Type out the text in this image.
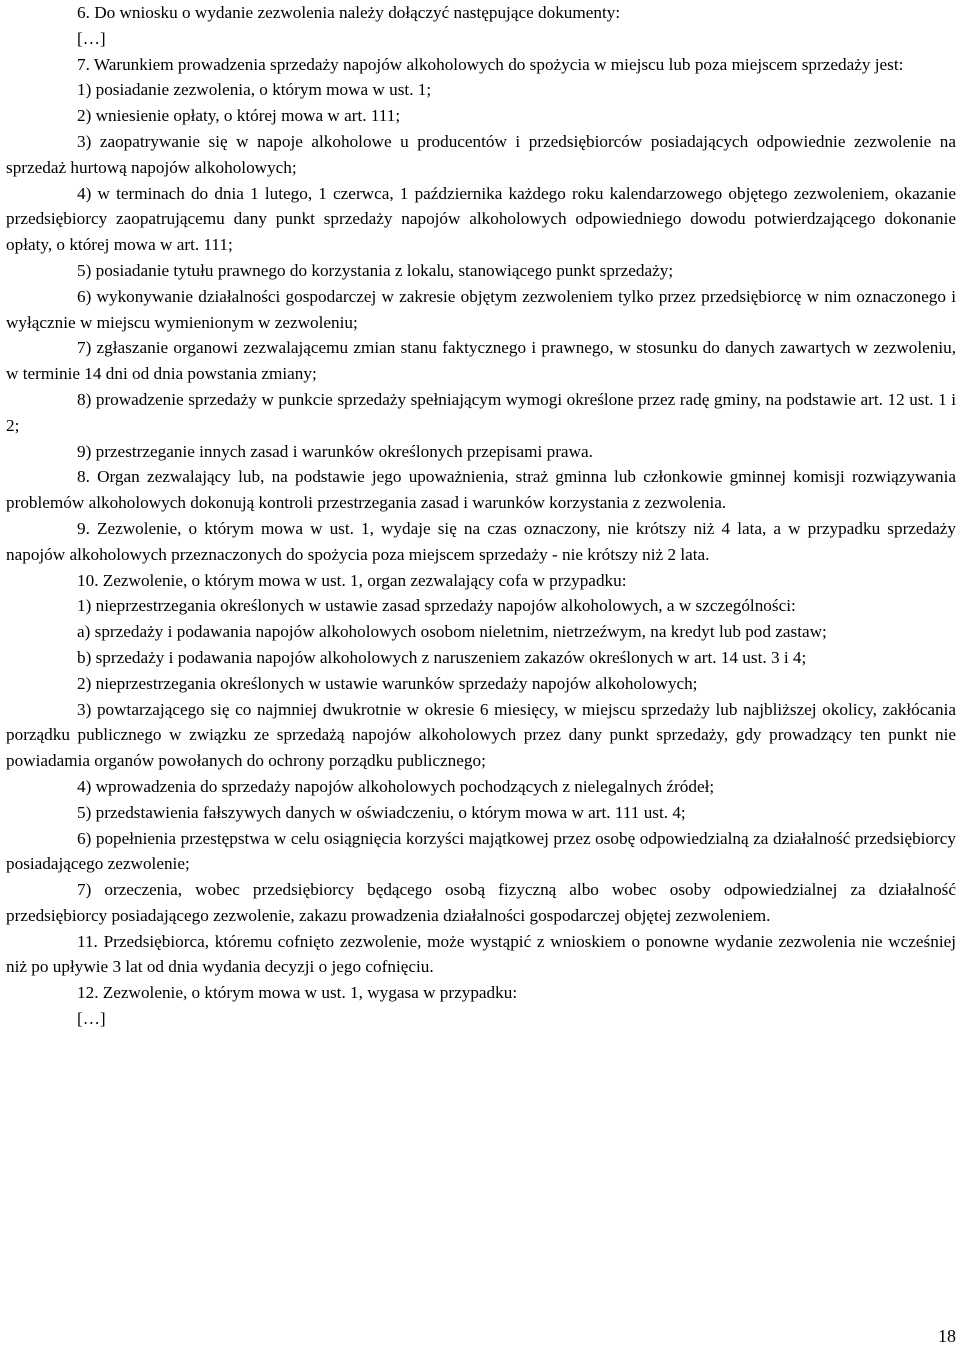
6. Do wniosku o wydanie zezwolenia należy dołączyć następujące dokumenty:

[…]

7. Warunkiem prowadzenia sprzedaży napojów alkoholowych do spożycia w miejscu lub poza miejscem sprzedaży jest:

1) posiadanie zezwolenia, o którym mowa w ust. 1;

2) wniesienie opłaty, o której mowa w art. 111;

3) zaopatrywanie się w napoje alkoholowe u producentów i przedsiębiorców posiadających odpowiednie zezwolenie na sprzedaż hurtową napojów alkoholowych;

4) w terminach do dnia 1 lutego, 1 czerwca, 1 października każdego roku kalendarzowego objętego zezwoleniem, okazanie przedsiębiorcy zaopatrującemu dany punkt sprzedaży napojów alkoholowych odpowiedniego dowodu potwierdzającego dokonanie opłaty, o której mowa w art. 111;

5) posiadanie tytułu prawnego do korzystania z lokalu, stanowiącego punkt sprzedaży;

6) wykonywanie działalności gospodarczej w zakresie objętym zezwoleniem tylko przez przedsiębiorcę w nim oznaczonego i wyłącznie w miejscu wymienionym w zezwoleniu;

7) zgłaszanie organowi zezwalającemu zmian stanu faktycznego i prawnego, w stosunku do danych zawartych w zezwoleniu, w terminie 14 dni od dnia powstania zmiany;

8) prowadzenie sprzedaży w punkcie sprzedaży spełniającym wymogi określone przez radę gminy, na podstawie art. 12 ust. 1 i 2;

9) przestrzeganie innych zasad i warunków określonych przepisami prawa.

8. Organ zezwalający lub, na podstawie jego upoważnienia, straż gminna lub członkowie gminnej komisji rozwiązywania problemów alkoholowych dokonują kontroli przestrzegania zasad i warunków korzystania z zezwolenia.

9. Zezwolenie, o którym mowa w ust. 1, wydaje się na czas oznaczony, nie krótszy niż 4 lata, a w przypadku sprzedaży napojów alkoholowych przeznaczonych do spożycia poza miejscem sprzedaży - nie krótszy niż 2 lata.

10. Zezwolenie, o którym mowa w ust. 1, organ zezwalający cofa w przypadku:

1) nieprzestrzegania określonych w ustawie zasad sprzedaży napojów alkoholowych, a w szczególności:

a) sprzedaży i podawania napojów alkoholowych osobom nieletnim, nietrzeźwym, na kredyt lub pod zastaw;

b) sprzedaży i podawania napojów alkoholowych z naruszeniem zakazów określonych w art. 14 ust. 3 i 4;

2) nieprzestrzegania określonych w ustawie warunków sprzedaży napojów alkoholowych;

3) powtarzającego się co najmniej dwukrotnie w okresie 6 miesięcy, w miejscu sprzedaży lub najbliższej okolicy, zakłócania porządku publicznego w związku ze sprzedażą napojów alkoholowych przez dany punkt sprzedaży, gdy prowadzący ten punkt nie powiadamia organów powołanych do ochrony porządku publicznego;

4) wprowadzenia do sprzedaży napojów alkoholowych pochodzących z nielegalnych źródeł;

5) przedstawienia fałszywych danych w oświadczeniu, o którym mowa w art. 111 ust. 4;

6) popełnienia przestępstwa w celu osiągnięcia korzyści majątkowej przez osobę odpowiedzialną za działalność przedsiębiorcy posiadającego zezwolenie;

7) orzeczenia, wobec przedsiębiorcy będącego osobą fizyczną albo wobec osoby odpowiedzialnej za działalność przedsiębiorcy posiadającego zezwolenie, zakazu prowadzenia działalności gospodarczej objętej zezwoleniem.

11. Przedsiębiorca, któremu cofnięto zezwolenie, może wystąpić z wnioskiem o ponowne wydanie zezwolenia nie wcześniej niż po upływie 3 lat od dnia wydania decyzji o jego cofnięciu.

12. Zezwolenie, o którym mowa w ust. 1, wygasa w przypadku:

[…]

18
